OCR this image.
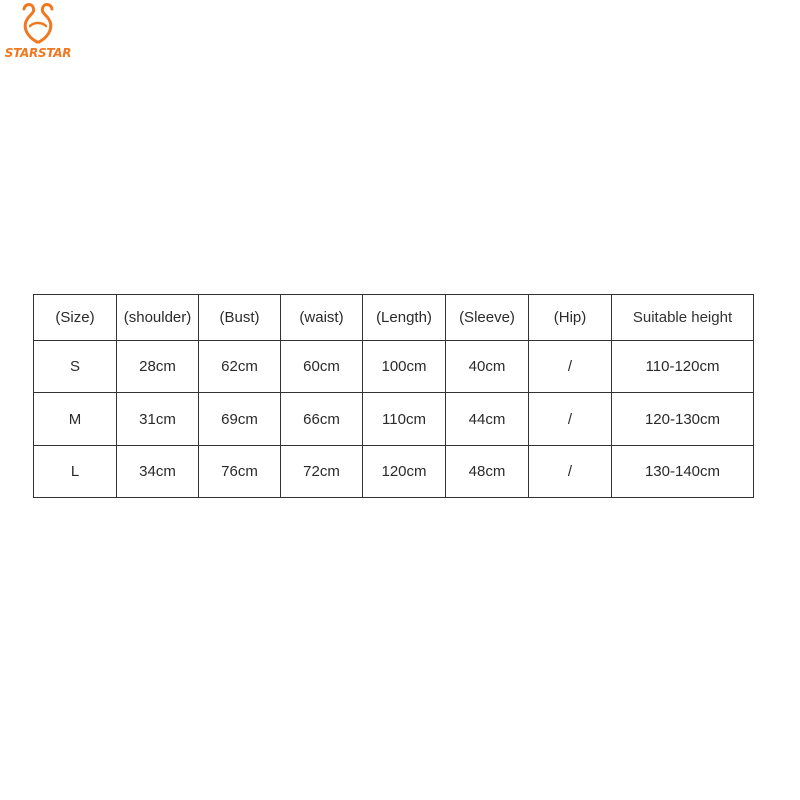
STARSTAR
(Size)	(shoulder)	(Bust)	(waist)	(Length)	(Sleeve)	(Hip)	Suitable height
S	28cm	62cm	60cm	100cm	40cm	/	110-120cm
M	31cm	69cm	66cm	110cm	44cm	/	120-130cm
L	34cm	76cm	72cm	120cm	48cm	/	130-140cm
